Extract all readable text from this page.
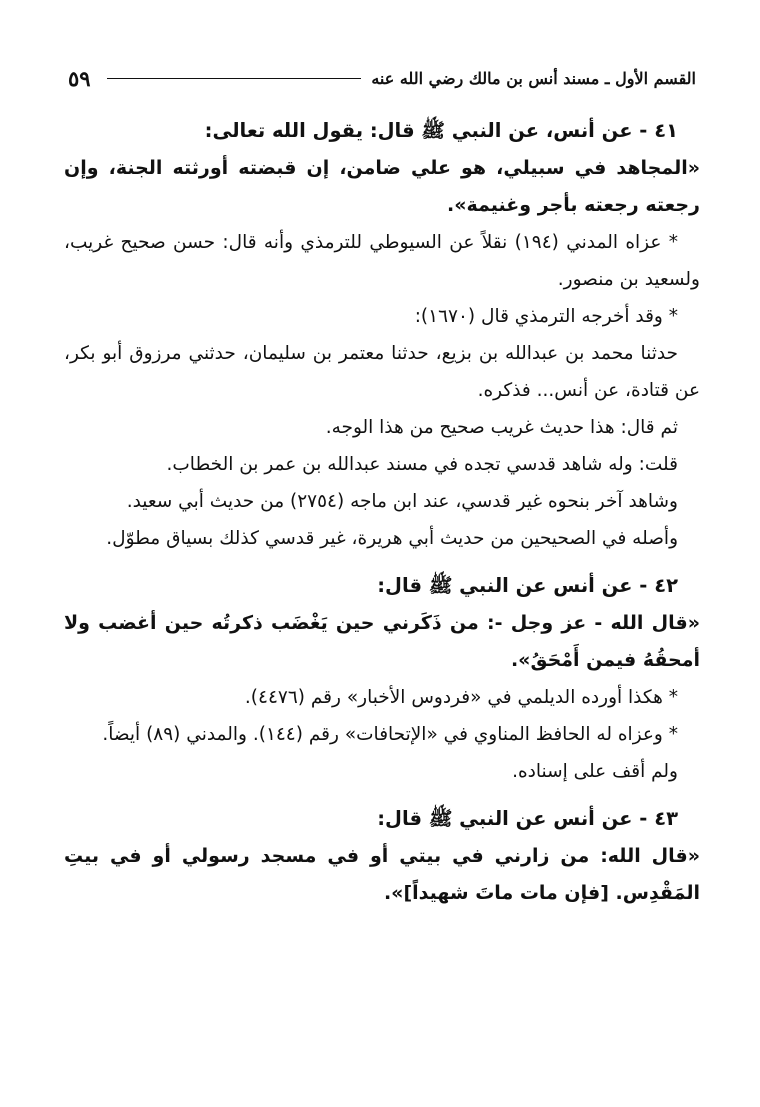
٥٩	القسم الأول ـ مسند أنس بن مالك رضي الله عنه

٤١ - عن أنس، عن النبي ﷺ قال: يقول الله تعالى:

«المجاهد في سبيلي، هو علي ضامن، إن قبضته أورثته الجنة، وإن رجعته رجعته بأجر وغنيمة».

* عزاه المدني (١٩٤) نقلاً عن السيوطي للترمذي وأنه قال: حسن صحيح غريب، ولسعيد بن منصور.

* وقد أخرجه الترمذي قال (١٦٧٠):

حدثنا محمد بن عبدالله بن بزيع، حدثنا معتمر بن سليمان، حدثني مرزوق أبو بكر، عن قتادة، عن أنس... فذكره.

ثم قال: هذا حديث غريب صحيح من هذا الوجه.

قلت: وله شاهد قدسي تجده في مسند عبدالله بن عمر بن الخطاب.

وشاهد آخر بنحوه غير قدسي، عند ابن ماجه (٢٧٥٤) من حديث أبي سعيد.

وأصله في الصحيحين من حديث أبي هريرة، غير قدسي كذلك بسياق مطوّل.

٤٢ - عن أنس عن النبي ﷺ قال:

«قال الله - عز وجل -: من ذَكَرني حين يَغْضَب ذكرتُه حين أغضب ولا أمحقُهُ فيمن أَمْحَقُ».

* هكذا أورده الديلمي في «فردوس الأخبار» رقم (٤٤٧٦).

* وعزاه له الحافظ المناوي في «الإتحافات» رقم (١٤٤). والمدني (٨٩) أيضاً.

ولم أقف على إسناده.

٤٣ - عن أنس عن النبي ﷺ قال:

«قال الله: من زارني في بيتي أو في مسجد رسولي أو في بيتِ المَقْدِس. [فإن مات ماتَ شهيداً]».
